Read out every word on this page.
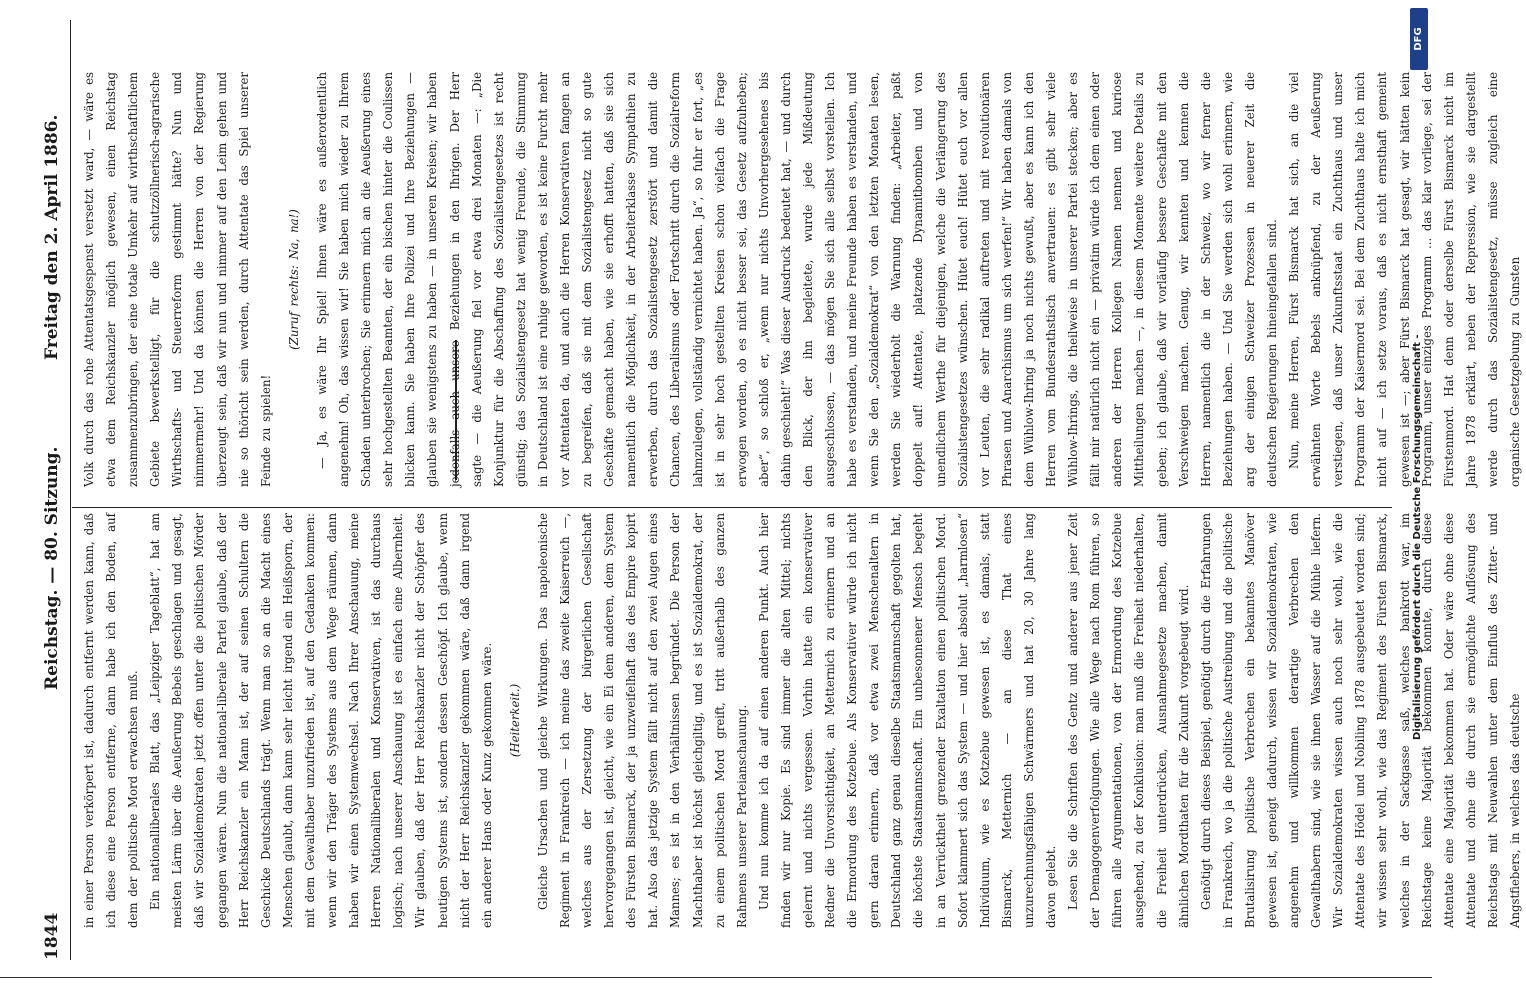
1844
Reichstag. — 80. Sitzung.
Freitag den 2. April 1886.

in einer Person verkörpert ist, dadurch entfernt werden kann, daß ich diese eine Person entferne, dann habe ich den Boden, auf dem der politische Mord erwachsen muß. Ein nationalliberales Blatt, das „Leipziger Tageblatt“, hat am meisten Lärm über die Aeußerung Bebels geschlagen und gesagt, daß wir Sozialdemokraten jetzt offen unter die politischen Mörder gegangen wären. Nun die national-liberale Partei glaube, daß der Herr Reichskanzler ein Mann ist, der auf seinen Schultern die Geschicke Deutschlands trägt. Wenn man so an die Macht eines Menschen glaubt, dann kann sehr leicht irgend ein Heißsporn, der mit dem Gewalthaber unzufrieden ist, auf den Gedanken kommen: wenn wir den Träger des Systems aus dem Wege räumen, dann haben wir einen Systemwechsel. Nach Ihrer Anschauung, meine Herren Nationalliberalen und Konservativen, ist das durchaus logisch; nach unserer Anschauung ist es einfach eine Albernheit. Wir glauben, daß der Herr Reichskanzler nicht der Schöpfer des heutigen Systems ist, sondern dessen Geschöpf. Ich glaube, wenn nicht der Herr Reichskanzler gekommen wäre, daß dann irgend ein anderer Hans oder Kunz gekommen wäre.	(Heiterkeit.)	Gleiche Ursachen und gleiche Wirkungen. Das napoleonische Regiment in Frankreich — ich meine das zweite Kaiserreich —, welches aus der Zersetzung der bürgerlichen Gesellschaft hervorgegangen ist, gleicht, wie ein Ei dem anderen, dem System des Fürsten Bismarck, der ja unzweifelhaft das des Empire kopirt hat. Also das jetzige System fällt nicht auf den zwei Augen eines Mannes; es ist in den Verhältnissen begründet. Die Person der Machthaber ist höchst gleichgiltig, und es ist Sozialdemokrat, der zu einem politischen Mord greift, tritt außerhalb des ganzen Rahmens unserer Parteianschauung. Und nun komme ich da auf einen anderen Punkt. Auch hier finden wir nur Kopie. Es sind immer die alten Mittel; nichts gelernt und nichts vergessen. Vorhin hatte ein konservativer Redner die Unvorsichtigkeit, an Metternich zu erinnern und an die Ermordung des Kotzebue. Als Konservativer würde ich nicht gern daran erinnern, daß vor etwa zwei Menschenaltern in Deutschland ganz genau dieselbe Staatsmannschaft gegolten hat, die höchste Staatsmannschaft. Ein unbesonnener Mensch begeht in an Verrücktheit grenzender Exaltation einen politischen Mord. Sofort klammert sich das System — und hier absolut „harmlosen“ Individuum, wie es Kotzebue gewesen ist, es damals, statt Bismarck, Metternich — an diese That eines unzurechnungsfähigen Schwärmers und hat 20, 30 Jahre lang davon gelebt. Lesen Sie die Schriften des Gentz und anderer aus jener Zeit der Demagogenverfolgungen. Wie alle Wege nach Rom führen, so führen alle Argumentationen, von der Ermordung des Kotzebue ausgehend, zu der Konklusion: man muß die Freiheit niederhalten, die Freiheit unterdrücken, Ausnahmegesetze machen, damit ähnlichen Mordthaten für die Zukunft vorgebeugt wird. Genötigt durch dieses Beispiel, genötigt durch die Erfahrungen in Frankreich, wo ja die politische Austreibung und die politische Brutalisirung politische Verbrechen ein bekanntes Manöver gewesen ist, geneigt dadurch, wissen wir Sozialdemokraten, wie angenehm und willkommen derartige Verbrechen den Gewalthabern sind, wie sie ihnen Wasser auf die Mühle liefern. Wir Sozialdemokraten wissen auch noch sehr wohl, wie die Attentate des Hödel und Nobiling 1878 ausgebeutet worden sind; wir wissen sehr wohl, wie das Regiment des Fürsten Bismarck, welches in der Sackgasse saß, welches bankrott war, im Reichstage keine Majorität bekommen konnte, durch diese Attentate eine Majorität bekommen hat. Oder wäre ohne diese Attentate und ohne die durch sie ermöglichte Auflösung des Reichstags mit Neuwahlen unter dem Einfluß des Zitter- und Angstfiebers, in welches das deutsche

Volk durch das rohe Attentatsgespenst versetzt ward, — wäre es etwa dem Reichskanzler möglich gewesen, einen Reichstag zusammenzubringen, der eine totale Umkehr auf wirthschaftlichem Gebiete bewerkstelligt, für die schutzzöllnerisch-agrarische Wirthschafts- und Steuerreform gestimmt hätte? Nun und nimmermehr! Und da können die Herren von der Regierung überzeugt sein, daß wir nun und nimmer auf den Leim gehen und nie so thöricht sein werden, durch Attentate das Spiel unserer Feinde zu spielen!

(Zuruf rechts: Na, na!)	— Ja, es wäre Ihr Spiel! Ihnen wäre es außerordentlich angenehm! Oh, das wissen wir! Sie haben mich wieder zu Ihrem Schaden unterbrochen; Sie erinnern mich an die Aeußerung eines sehr hochgestellten Beamten, der ein bischen hinter die Coulissen blicken kann. Sie haben Ihre Polizei und Ihre Beziehungen — glauben sie wenigstens zu haben — in unseren Kreisen; wir haben jedenfalls auch unsere Beziehungen in den Ihrigen. Der Herr sagte — die Aeußerung fiel vor etwa drei Monaten —: „Die Konjunktur für die Abschaffung des Sozialistengesetzes ist recht günstig; das Sozialistengesetz hat wenig Freunde, die Stimmung in Deutschland ist eine ruhige geworden, es ist keine Furcht mehr vor Attentaten da, und auch die Herren Konservativen fangen an zu begreifen, daß sie mit dem Sozialistengesetz nicht so gute Geschäfte gemacht haben, wie sie erhofft hatten, daß sie sich namentlich die Möglichkeit, in der Arbeiterklasse Sympathien zu erwerben, durch das Sozialistengesetz zerstört und damit die Chancen, des Liberalismus oder Fortschritt durch die Sozialreform lahmzulegen, vollständig vernichtet haben. Ja“, so fuhr er fort, „es ist in sehr hoch gestellten Kreisen schon vielfach die Frage erwogen worden, ob es nicht besser sei, das Gesetz aufzuheben; aber“, so schloß er, „wenn nur nichts Unvorhergesehenes bis dahin geschieht!“ Was dieser Ausdruck bedeutet hat, — und durch den Blick, der ihn begleitete, wurde jede Mißdeutung ausgeschlossen, — das mögen Sie sich alle selbst vorstellen. Ich habe es verstanden, und meine Freunde haben es verstanden, und wenn Sie den „Sozialdemokrat“ von den letzten Monaten lesen, werden Sie wiederholt die Warnung finden: „Arbeiter, paßt doppelt auf! Attentate, platzende Dynamitbomben und von unendlichem Werthe für diejenigen, welche die Verlängerung des Sozialistengesetzes wünschen. Hütet euch! Hütet euch vor allen vor Leuten, die sehr radikal auftreten und mit revolutionären Phrasen und Anarchismus um sich werfen!“ Wir haben damals von dem Wühlow-Ihring ja noch nichts gewußt, aber es kann ich den Herren vom Bundesrathstisch anvertrauen: es gibt sehr viele Wühlow-Ihrings, die theilweise in unserer Partei stecken; aber es fällt mir natürlich nicht ein — privatim würde ich dem einen oder anderen der Herren Kollegen Namen nennen und kuriose Mittheilungen machen —, in diesem Momente weitere Details zu geben; ich glaube, daß wir vorläufig bessere Geschäfte mit den Verschweigen machen. Genug, wir kennten und kennen die Herren, namentlich die in der Schweiz, wo wir ferner die Beziehungen haben. — Und Sie werden sich wohl erinnern, wie arg der einigen Schweizer Prozessen in neuerer Zeit die deutschen Regierungen hineingefallen sind. Nun, meine Herren, Fürst Bismarck hat sich, an die viel erwähnten Worte Bebels anknüpfend, zu der Aeußerung verstiegen, daß unser Zukunftsstaat ein Zuchthaus und unser Programm der Kaisermord sei. Bei dem Zuchthaus halte ich mich nicht auf — ich setze voraus, daß es nicht ernsthaft gemeint gewesen ist —; aber Fürst Bismarck hat gesagt, wir hätten kein Programm, unser einziges Programm ... das klar vorliege, sei der Fürstenmord. Hat denn oder derselbe Fürst Bismarck nicht im Jahre 1878 erklärt, neben der Repression, wie sie dargestellt werde durch das Sozialistengesetz, müsse zugleich eine organische Gesetzgebung zu Gunsten

Digitalisierung gefördert durch die Deutsche Forschungsgemeinschaft -
DFG
